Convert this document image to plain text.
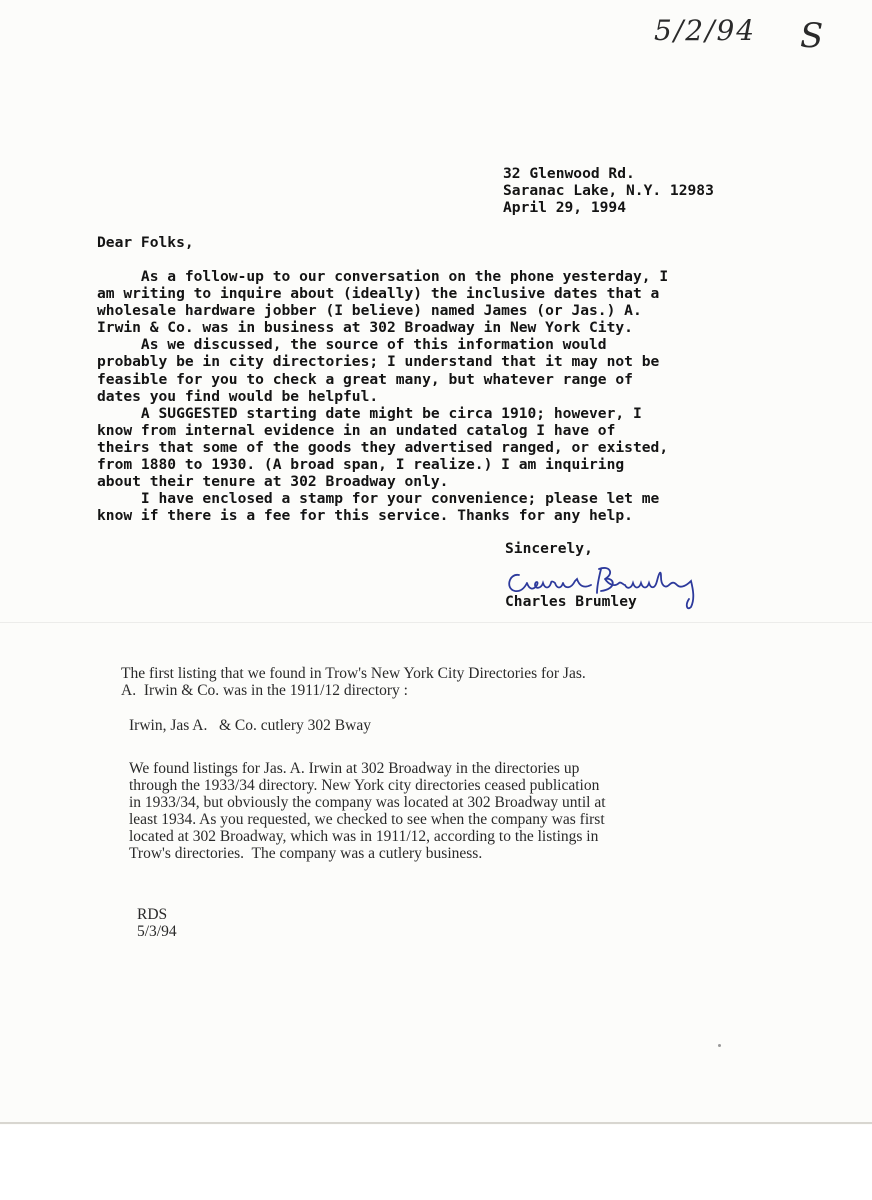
5/2/94 S
32 Glenwood Rd.
Saranac Lake, N.Y. 12983
April 29, 1994
Dear Folks,
As a follow-up to our conversation on the phone yesterday, I
am writing to inquire about (ideally) the inclusive dates that a
wholesale hardware jobber (I believe) named James (or Jas.) A.
Irwin & Co. was in business at 302 Broadway in New York City.
As we discussed, the source of this information would
probably be in city directories; I understand that it may not be
feasible for you to check a great many, but whatever range of
dates you find would be helpful.
A SUGGESTED starting date might be circa 1910; however, I
know from internal evidence in an undated catalog I have of
theirs that some of the goods they advertised ranged, or existed,
from 1880 to 1930. (A broad span, I realize.) I am inquiring
about their tenure at 302 Broadway only.
I have enclosed a stamp for your convenience; please let me
know if there is a fee for this service. Thanks for any help.
Sincerely,
Charles Brumley
The first listing that we found in Trow's New York City Directories for Jas.
A.  Irwin & Co. was in the 1911/12 directory :
Irwin, Jas A.   & Co. cutlery 302 Bway
We found listings for Jas. A. Irwin at 302 Broadway in the directories up
through the 1933/34 directory. New York city directories ceased publication
in 1933/34, but obviously the company was located at 302 Broadway until at
least 1934. As you requested, we checked to see when the company was first
located at 302 Broadway, which was in 1911/12, according to the listings in
Trow's directories.  The company was a cutlery business.
RDS
5/3/94
